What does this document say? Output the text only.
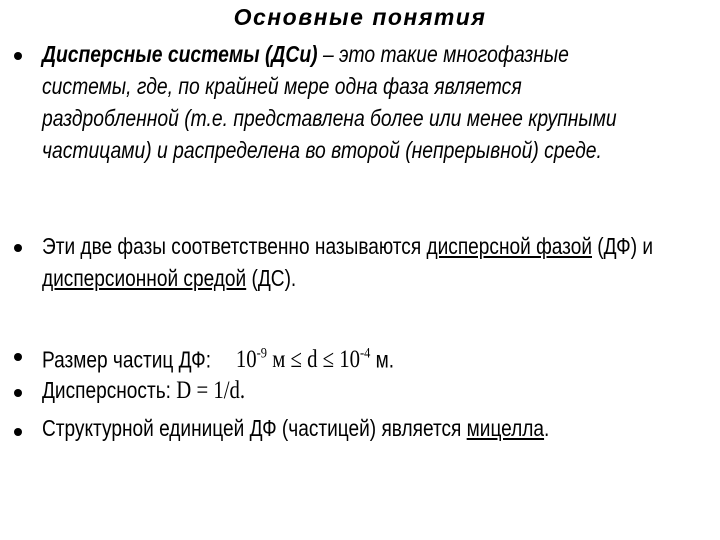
Основные понятия
Дисперсные системы (ДСи) – это такие многофазные системы, где, по крайней мере одна фаза является раздробленной (т.е. представлена более или менее крупными частицами) и распределена во второй (непрерывной) среде.
Эти две фазы соответственно называются дисперсной фазой (ДФ) и дисперсионной средой (ДС).
Размер частиц ДФ: $10^{-9}$ $м \le d \le 10^{-4}$ м.
Дисперсность: D = 1/d.
Структурной единицей ДФ (частицей) является мицелла.
